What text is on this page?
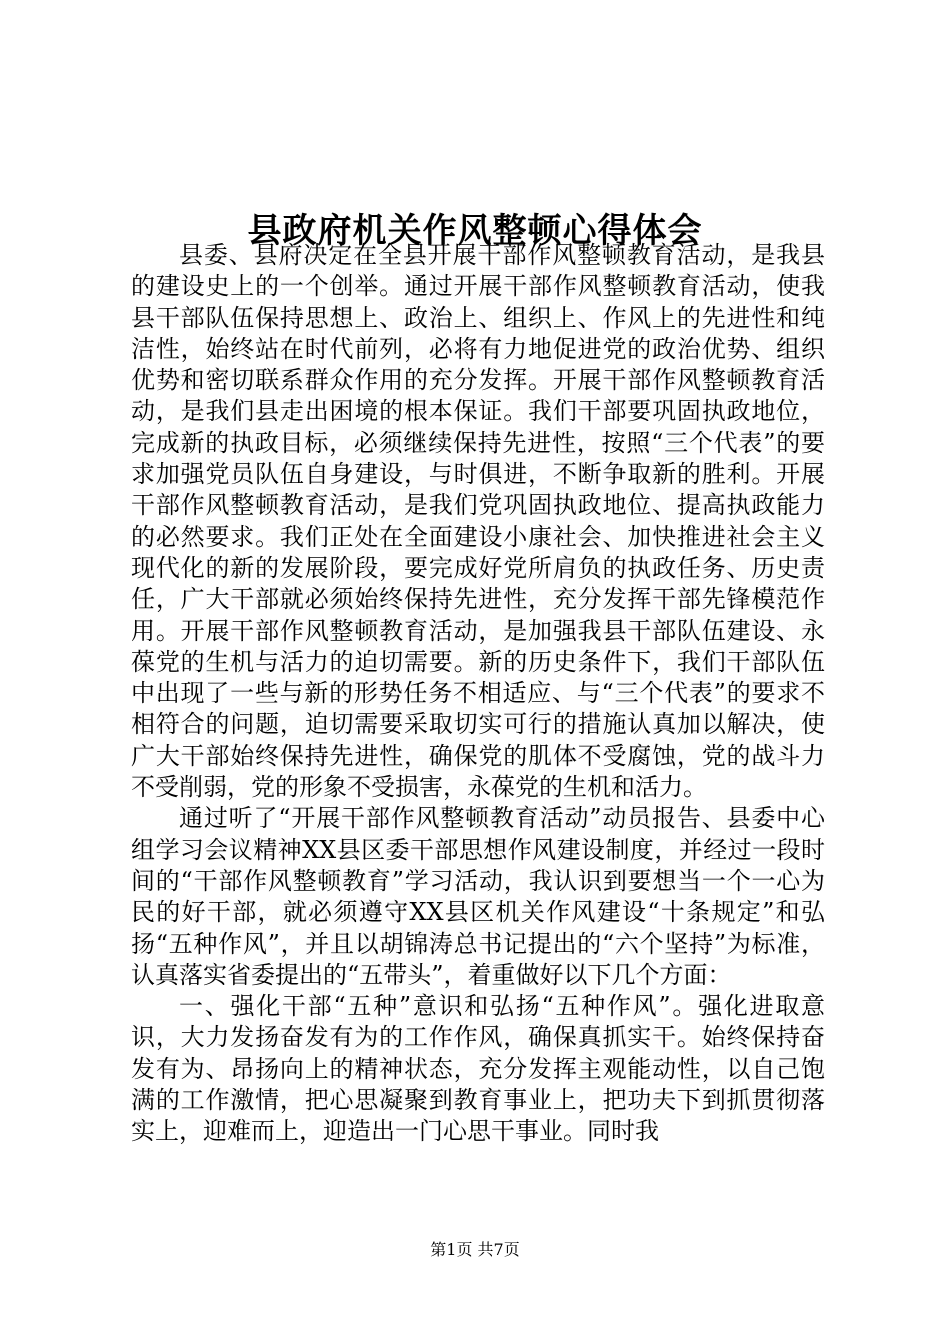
县政府机关作风整顿心得体会

县委、县府决定在全县开展干部作风整顿教育活动，是我县的建设史上的一个创举。通过开展干部作风整顿教育活动，使我县干部队伍保持思想上、政治上、组织上、作风上的先进性和纯洁性，始终站在时代前列，必将有力地促进党的政治优势、组织优势和密切联系群众作用的充分发挥。开展干部作风整顿教育活动，是我们县走出困境的根本保证。我们干部要巩固执政地位，完成新的执政目标，必须继续保持先进性，按照“三个代表”的要求加强党员队伍自身建设，与时俱进，不断争取新的胜利。开展干部作风整顿教育活动，是我们党巩固执政地位、提高执政能力的必然要求。我们正处在全面建设小康社会、加快推进社会主义现代化的新的发展阶段，要完成好党所肩负的执政任务、历史责任，广大干部就必须始终保持先进性，充分发挥干部先锋模范作用。开展干部作风整顿教育活动，是加强我县干部队伍建设、永葆党的生机与活力的迫切需要。新的历史条件下，我们干部队伍中出现了一些与新的形势任务不相适应、与“三个代表”的要求不相符合的问题，迫切需要采取切实可行的措施认真加以解决，使广大干部始终保持先进性，确保党的肌体不受腐蚀，党的战斗力不受削弱，党的形象不受损害，永葆党的生机和活力。

通过听了“开展干部作风整顿教育活动”动员报告、县委中心组学习会议精神XX县区委干部思想作风建设制度，并经过一段时间的“干部作风整顿教育”学习活动，我认识到要想当一个一心为民的好干部，就必须遵守XX县区机关作风建设“十条规定”和弘扬“五种作风”，并且以胡锦涛总书记提出的“六个坚持”为标准，认真落实省委提出的“五带头”，着重做好以下几个方面：

一、强化干部“五种”意识和弘扬“五种作风”。强化进取意识，大力发扬奋发有为的工作作风，确保真抓实干。始终保持奋发有为、昂扬向上的精神状态，充分发挥主观能动性，以自己饱满的工作激情，把心思凝聚到教育事业上，把功夫下到抓贯彻落实上，迎难而上，迎造出一门心思干事业。同时我

第1页 共7页
